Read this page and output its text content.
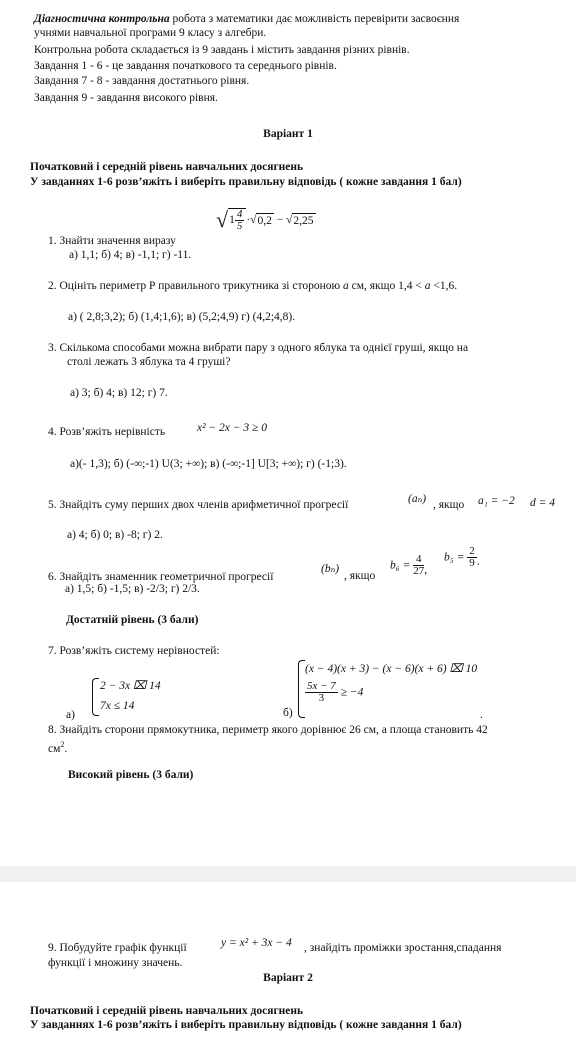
Діагностична контрольна робота з математики дає можливість перевірити засвоєння
учнями навчальної програми 9 класу з алгебри.
Контрольна робота складається із 9 завдань і містить завдання різних рівнів.
Завдання 1 - 6 - це завдання початкового та середнього рівнів.
Завдання 7 - 8 - завдання достатнього рівня.
Завдання 9 - завдання високого рівня.
Варіант 1
Початковий і середній рівень навчальних досягнень
У завданнях 1-6 розв’яжіть і виберіть правильну відповідь ( кожне завдання 1 бал)
1. Знайти значення виразу
$√1 \frac{4}{5} \cdot√0,2 - √2,25$
а) 1,1; б) 4; в) -1,1; г) -11.
2. Оцініть периметр Р правильного трикутника зі стороною а см, якщо 1,4 < а <1,6.
а) ( 2,8;3,2); б) (1,4;1,6); в) (5,2;4,9) г) (4,2;4,8).
3. Скількома способами можна вибрати пару з одного яблука та однієї груші, якщо на
столі лежать 3 яблука та 4 груші?
а) 3; б) 4; в) 12; г) 7.
4. Розв’яжіть нерівність	x² − 2x − 3 ≥ 0
а)(- 1,3); б) (-∞;-1) U(3; +∞); в) (-∞;-1] U[3; +∞); г) (-1;3).
5. Знайдіть суму перших двох членів арифметичної прогресії	(аₙ) , якщо a₁ = −2 d = 4
а) 4; б) 0; в) -8; г) 2.
6. Знайдіть знаменник геометричної прогресії
(bₙ)
, якщо
$b_6 = \frac{4}{27}$ ,
$b_5 = \frac{2}{9}$ .
а) 1,5; б) -1,5; в) -2/3; г) 2/3.
Достатній рівень (3 бали)
7. Розв’яжіть систему нерівностей:
а)
2 − 3x ⌧ 14
7x ≤ 14
б)
(x − 4)(x + 3) − (x − 6)(x + 6) ⌧ 10
$\frac{5x - 7}{3} \ge -4$
.
8. Знайдіть сторони прямокутника, периметр якого дорівнює 26 см, а площа становить 42
$см^2$.
Високий рівень (3 бали)
9. Побудуйте графік функції	y = x² + 3x − 4 , знайдіть проміжки зростання,спадання
функції і множину значень.
Варіант 2
Початковий і середній рівень навчальних досягнень
У завданнях 1-6 розв’яжіть і виберіть правильну відповідь ( кожне завдання 1 бал)
